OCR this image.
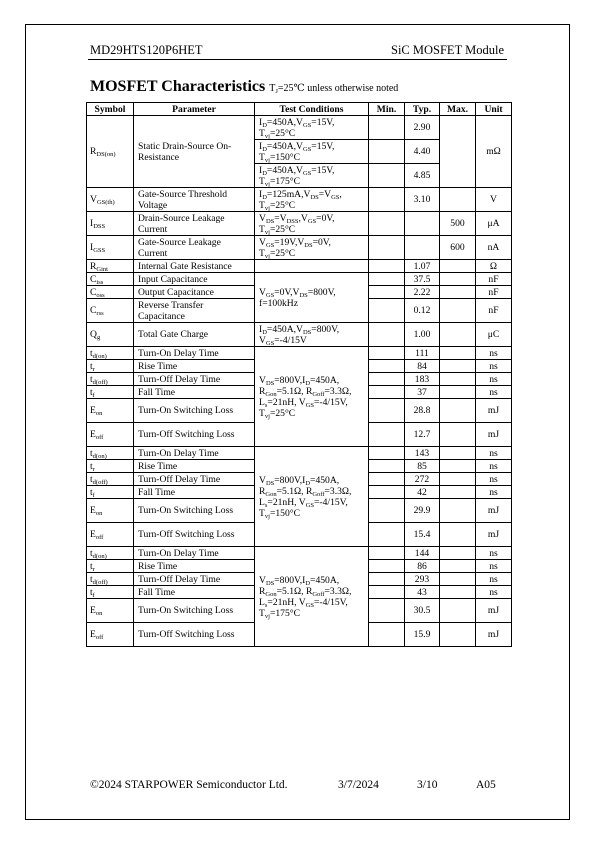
MD29HTS120P6HET	SiC MOSFET Module
MOSFET Characteristics $T_J=25℃$ unless otherwise noted
Symbol	Parameter	Test Conditions	Min.	Typ.	Max.	Unit
$R_{DS(on)}$	Static Drain-Source On-Resistance	$I_D=450A,V_{GS}=15V$, $T_{vj}=25^\circ C$		2.90		mΩ
		$I_D=450A,V_{GS}=15V$, $T_{vj}=150^\circ C$		4.40		
		$I_D=450A,V_{GS}=15V$, $T_{vj}=175^\circ C$		4.85		
$V_{GS(th)}$	Gate-Source Threshold Voltage	$I_D=125mA,V_{DS}=V_{GS}$, $T_{vj}=25^\circ C$		3.10		V
$I_{DSS}$	Drain-Source Leakage Current	$V_{DS}=V_{DSS},V_{GS}=0V$, $T_{vj}=25^\circ C$			500	μA
$I_{GSS}$	Gate-Source Leakage Current	$V_{GS}=19V,V_{DS}=0V$, $T_{vj}=25^\circ C$			600	nA
$R_{Gint}$	Internal Gate Resistance			1.07		Ω
$C_{iss}$	Input Capacitance	$V_{GS}=0V,V_{DS}=800V$, f=100kHz		37.5		nF
$C_{oss}$	Output Capacitance			2.22		nF
$C_{rss}$	Reverse Transfer Capacitance			0.12		nF
$Q_g$	Total Gate Charge	$I_D=450A,V_{DS}=800V$, $V_{GS}=-4/15V$		1.00		μC
$t_{d(on)}$	Turn-On Delay Time	$V_{DS}=800V,I_D=450A$, $R_{Gon}=5.1\Omega$, $R_{Goff}=3.3\Omega$, $L_s=21nH$, $V_{GS}=-4/15V$, $T_{vj}=25^\circ C$		111		ns
$t_r$	Rise Time			84		ns
$t_{d(off)}$	Turn-Off Delay Time			183		ns
$t_f$	Fall Time			37		ns
$E_{on}$	Turn-On Switching Loss			28.8		mJ
$E_{off}$	Turn-Off Switching Loss			12.7		mJ
$t_{d(on)}$	Turn-On Delay Time	$V_{DS}=800V,I_D=450A$, $R_{Gon}=5.1\Omega$, $R_{Goff}=3.3\Omega$, $L_s=21nH$, $V_{GS}=-4/15V$, $T_{vj}=150^\circ C$		143		ns
$t_r$	Rise Time			85		ns
$t_{d(off)}$	Turn-Off Delay Time			272		ns
$t_f$	Fall Time			42		ns
$E_{on}$	Turn-On Switching Loss			29.9		mJ
$E_{off}$	Turn-Off Switching Loss			15.4		mJ
$t_{d(on)}$	Turn-On Delay Time	$V_{DS}=800V,I_D=450A$, $R_{Gon}=5.1\Omega$, $R_{Goff}=3.3\Omega$, $L_s=21nH$, $V_{GS}=-4/15V$, $T_{vj}=175^\circ C$		144		ns
$t_r$	Rise Time			86		ns
$t_{d(off)}$	Turn-Off Delay Time			293		ns
$t_f$	Fall Time			43		ns
$E_{on}$	Turn-On Switching Loss			30.5		mJ
$E_{off}$	Turn-Off Switching Loss			15.9		mJ
©2024 STARPOWER Semiconductor Ltd.	3/7/2024	3/10	A05
